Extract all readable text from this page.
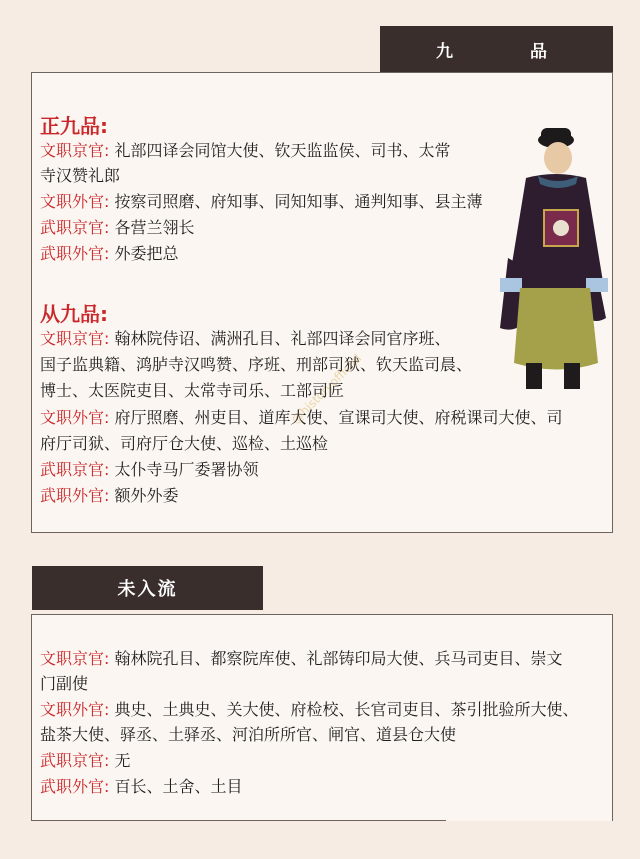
九　品
@historyofficial
正九品:
文职京官: 礼部四译会同馆大使、钦天监监侯、司书、太常
寺汉赞礼郎
文职外官: 按察司照磨、府知事、同知知事、通判知事、县主薄
武职京官: 各营兰翎长
武职外官: 外委把总
从九品:
文职京官: 翰林院侍诏、满洲孔目、礼部四译会同官序班、
国子监典籍、鸿胪寺汉鸣赞、序班、刑部司狱、钦天监司晨、
博士、太医院吏目、太常寺司乐、工部司匠
文职外官: 府厅照磨、州吏目、道库大使、宣课司大使、府税课司大使、司
府厅司狱、司府厅仓大使、巡检、土巡检
武职京官: 太仆寺马厂委署协领
武职外官: 额外外委
未入流
文职京官: 翰林院孔目、都察院库使、礼部铸印局大使、兵马司吏目、崇文
门副使
文职外官: 典史、土典史、关大使、府检校、长官司吏目、茶引批验所大使、
盐茶大使、驿丞、土驿丞、河泊所所官、闸官、道县仓大使
武职京官: 无
武职外官: 百长、土舍、土目
